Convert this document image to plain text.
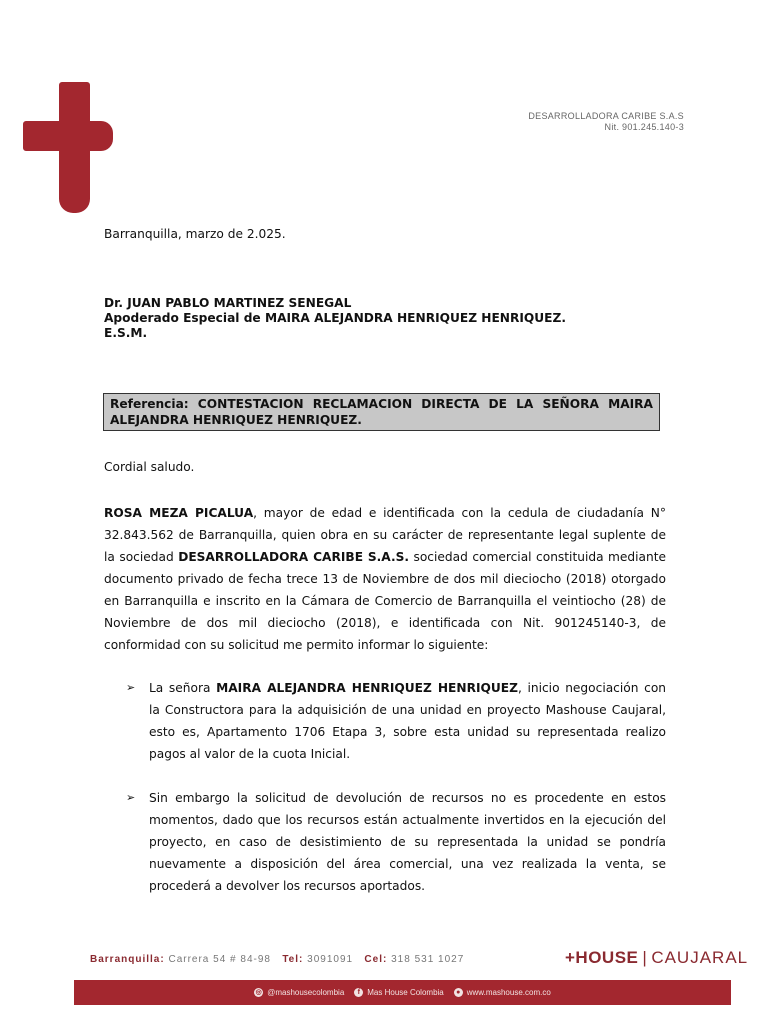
DESARROLLADORA CARIBE S.A.S
Nit. 901.245.140-3
Barranquilla, marzo de 2.025.
Dr. JUAN PABLO MARTINEZ SENEGAL
Apoderado Especial de MAIRA ALEJANDRA HENRIQUEZ HENRIQUEZ.
E.S.M.
Referencia: CONTESTACION RECLAMACION DIRECTA DE LA SEÑORA MAIRA ALEJANDRA HENRIQUEZ HENRIQUEZ.
Cordial saludo.
ROSA MEZA PICALUA, mayor de edad e identificada con la cedula de ciudadanía N° 32.843.562 de Barranquilla, quien obra en su carácter de representante legal suplente de la sociedad DESARROLLADORA CARIBE S.A.S. sociedad comercial constituida mediante documento privado de fecha trece 13 de Noviembre de dos mil dieciocho (2018) otorgado en Barranquilla e inscrito en la Cámara de Comercio de Barranquilla el veintiocho (28) de Noviembre de dos mil dieciocho (2018), e identificada con Nit. 901245140-3, de conformidad con su solicitud me permito informar lo siguiente:
➢ La señora MAIRA ALEJANDRA HENRIQUEZ HENRIQUEZ, inicio negociación con la Constructora para la adquisición de una unidad en proyecto Mashouse Caujaral, esto es, Apartamento 1706 Etapa 3, sobre esta unidad su representada realizo pagos al valor de la cuota Inicial.
➢ Sin embargo la solicitud de devolución de recursos no es procedente en estos momentos, dado que los recursos están actualmente invertidos en la ejecución del proyecto, en caso de desistimiento de su representada la unidad se pondría nuevamente a disposición del área comercial, una vez realizada la venta, se procederá a devolver los recursos aportados.
Barranquilla: Carrera 54 # 84-98 Tel: 3091091 Cel: 318 531 1027	+HOUSE | CAUJARAL
◎ @mashousecolombia	f Mas House Colombia	● www.mashouse.com.co
